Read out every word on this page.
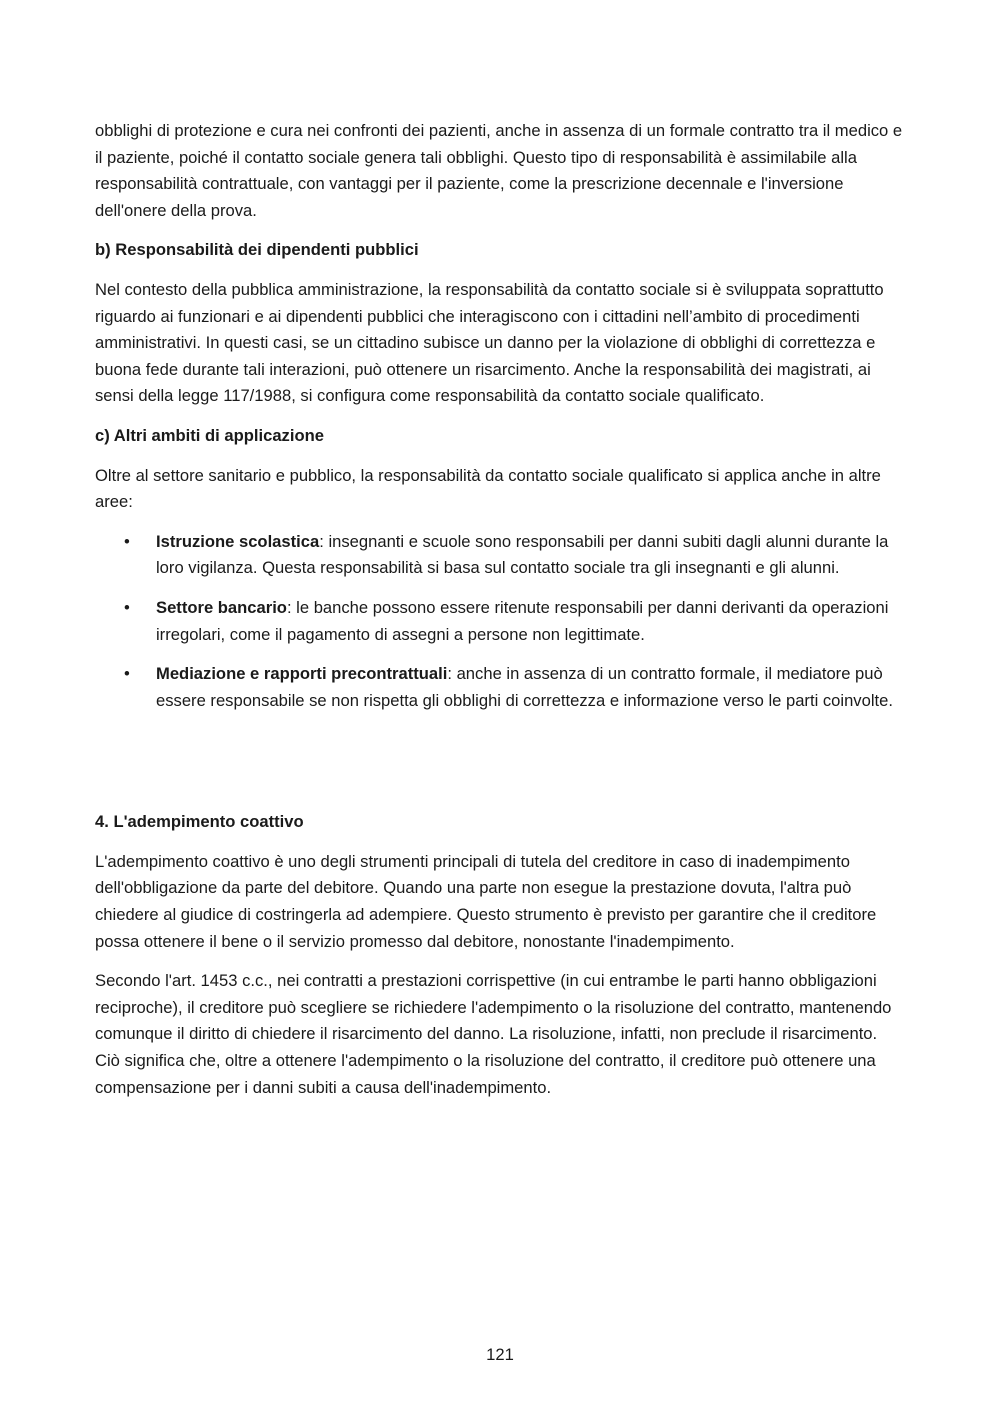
obblighi di protezione e cura nei confronti dei pazienti, anche in assenza di un formale contratto tra il medico e il paziente, poiché il contatto sociale genera tali obblighi. Questo tipo di responsabilità è assimilabile alla responsabilità contrattuale, con vantaggi per il paziente, come la prescrizione decennale e l'inversione dell'onere della prova.

b) Responsabilità dei dipendenti pubblici

Nel contesto della pubblica amministrazione, la responsabilità da contatto sociale si è sviluppata soprattutto riguardo ai funzionari e ai dipendenti pubblici che interagiscono con i cittadini nell’ambito di procedimenti amministrativi. In questi casi, se un cittadino subisce un danno per la violazione di obblighi di correttezza e buona fede durante tali interazioni, può ottenere un risarcimento. Anche la responsabilità dei magistrati, ai sensi della legge 117/1988, si configura come responsabilità da contatto sociale qualificato.

c) Altri ambiti di applicazione

Oltre al settore sanitario e pubblico, la responsabilità da contatto sociale qualificato si applica anche in altre aree:

• Istruzione scolastica: insegnanti e scuole sono responsabili per danni subiti dagli alunni durante la loro vigilanza. Questa responsabilità si basa sul contatto sociale tra gli insegnanti e gli alunni.
• Settore bancario: le banche possono essere ritenute responsabili per danni derivanti da operazioni irregolari, come il pagamento di assegni a persone non legittimate.
• Mediazione e rapporti precontrattuali: anche in assenza di un contratto formale, il mediatore può essere responsabile se non rispetta gli obblighi di correttezza e informazione verso le parti coinvolte.
4. L'adempimento coattivo

L'adempimento coattivo è uno degli strumenti principali di tutela del creditore in caso di inadempimento dell'obbligazione da parte del debitore. Quando una parte non esegue la prestazione dovuta, l'altra può chiedere al giudice di costringerla ad adempiere. Questo strumento è previsto per garantire che il creditore possa ottenere il bene o il servizio promesso dal debitore, nonostante l'inadempimento.

Secondo l'art. 1453 c.c., nei contratti a prestazioni corrispettive (in cui entrambe le parti hanno obbligazioni reciproche), il creditore può scegliere se richiedere l'adempimento o la risoluzione del contratto, mantenendo comunque il diritto di chiedere il risarcimento del danno. La risoluzione, infatti, non preclude il risarcimento. Ciò significa che, oltre a ottenere l'adempimento o la risoluzione del contratto, il creditore può ottenere una compensazione per i danni subiti a causa dell'inadempimento.

121
